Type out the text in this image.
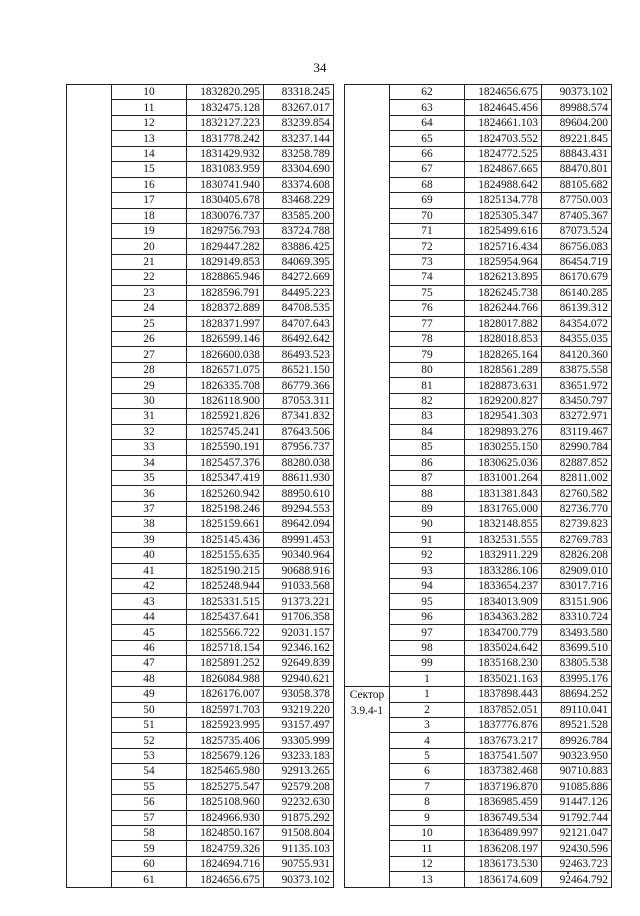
34
	10	1832820.295	83318.245
	11	1832475.128	83267.017
	12	1832127.223	83239.854
	13	1831778.242	83237.144
	14	1831429.932	83258.789
	15	1831083.959	83304.690
	16	1830741.940	83374.608
	17	1830405.678	83468.229
	18	1830076.737	83585.200
	19	1829756.793	83724.788
	20	1829447.282	83886.425
	21	1829149.853	84069.395
	22	1828865.946	84272.669
	23	1828596.791	84495.223
	24	1828372.889	84708.535
	25	1828371.997	84707.643
	26	1826599.146	86492.642
	27	1826600.038	86493.523
	28	1826571.075	86521.150
	29	1826335.708	86779.366
	30	1826118.900	87053.311
	31	1825921.826	87341.832
	32	1825745.241	87643.506
	33	1825590.191	87956.737
	34	1825457.376	88280.038
	35	1825347.419	88611.930
	36	1825260.942	88950.610
	37	1825198.246	89294.553
	38	1825159.661	89642.094
	39	1825145.436	89991.453
	40	1825155.635	90340.964
	41	1825190.215	90688.916
	42	1825248.944	91033.568
	43	1825331.515	91373.221
	44	1825437.641	91706.358
	45	1825566.722	92031.157
	46	1825718.154	92346.162
	47	1825891.252	92649.839
	48	1826084.988	92940.621
	49	1826176.007	93058.378
	50	1825971.703	93219.220
	51	1825923.995	93157.497
	52	1825735.406	93305.999
	53	1825679.126	93233.183
	54	1825465.980	92913.265
	55	1825275.547	92579.208
	56	1825108.960	92232.630
	57	1824966.930	91875.292
	58	1824850.167	91508.804
	59	1824759.326	91135.103
	60	1824694.716	90755.931
	61	1824656.675	90373.102
	62	1824656.675	90373.102
	63	1824645.456	89988.574
	64	1824661.103	89604.200
	65	1824703.552	89221.845
	66	1824772.525	88843.431
	67	1824867.665	88470.801
	68	1824988.642	88105.682
	69	1825134.778	87750.003
	70	1825305.347	87405.367
	71	1825499.616	87073.524
	72	1825716.434	86756.083
	73	1825954.964	86454.719
	74	1826213.895	86170.679
	75	1826245.738	86140.285
	76	1826244.766	86139.312
	77	1828017.882	84354.072
	78	1828018.853	84355.035
	79	1828265.164	84120.360
	80	1828561.289	83875.558
	81	1828873.631	83651.972
	82	1829200.827	83450.797
	83	1829541.303	83272.971
	84	1829893.276	83119.467
	85	1830255.150	82990.784
	86	1830625.036	82887.852
	87	1831001.264	82811.002
	88	1831381.843	82760.582
	89	1831765.000	82736.770
	90	1832148.855	82739.823
	91	1832531.555	82769.783
	92	1832911.229	82826.208
	93	1833286.106	82909.010
	94	1833654.237	83017.716
	95	1834013.909	83151.906
	96	1834363.282	83310.724
	97	1834700.779	83493.580
	98	1835024.642	83699.510
	99	1835168.230	83805.538
	1	1835021.163	83995.176

Сектор
3.9.4-1	1	1837898.443	88694.252
	2	1837852.051	89110.041
	3	1837776.876	89521.528
	4	1837673.217	89926.784
	5	1837541.507	90323.950
	6	1837382.468	90710.883
	7	1837196.870	91085.886
	8	1836985.459	91447.126
	9	1836749.534	91792.744
	10	1836489.997	92121.047
	11	1836208.197	92430.596
	12	1836173.530	92463.723
	13	1836174.609	92464.792
